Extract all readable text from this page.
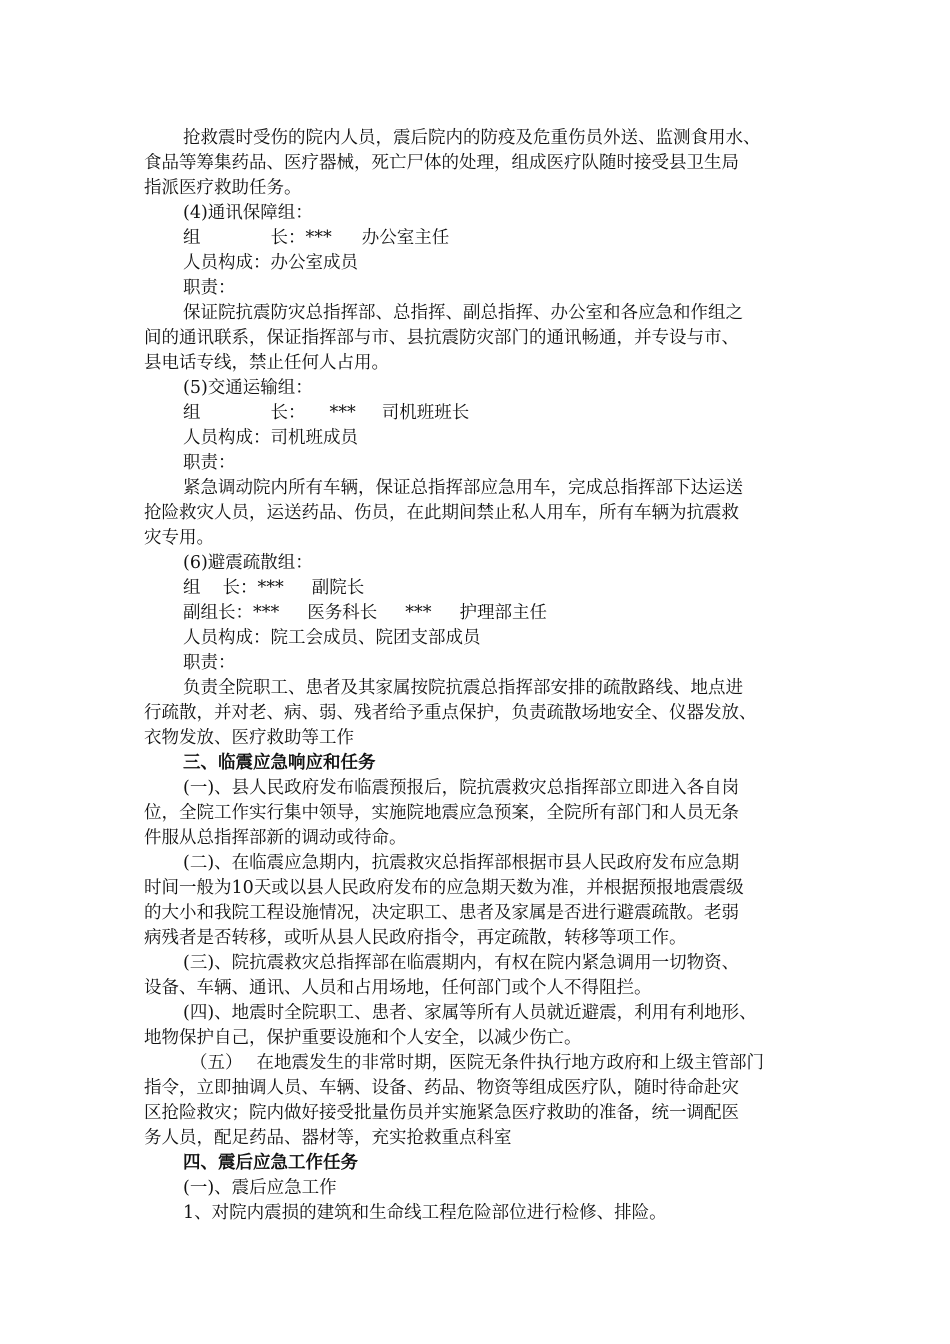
抢救震时受伤的院内人员，震后院内的防疫及危重伤员外送、监测食用水、

食品等筹集药品、医疗器械，死亡尸体的处理，组成医疗队随时接受县卫生局

指派医疗救助任务。

(4)通讯保障组：

组	长：*** 办公室主任

人员构成：办公室成员

职责：

保证院抗震防灾总指挥部、总指挥、副总指挥、办公室和各应急和作组之

间的通讯联系，保证指挥部与市、县抗震防灾部门的通讯畅通，并专设与市、

县电话专线，禁止任何人占用。

(5)交通运输组：

组	长： *** 司机班班长

人员构成：司机班成员

职责：

紧急调动院内所有车辆，保证总指挥部应急用车，完成总指挥部下达运送

抢险救灾人员，运送药品、伤员，在此期间禁止私人用车，所有车辆为抗震救

灾专用。

(6)避震疏散组：

组 长：*** 副院长

副组长：*** 医务科长 *** 护理部主任

人员构成：院工会成员、院团支部成员

职责：

负责全院职工、患者及其家属按院抗震总指挥部安排的疏散路线、地点进

行疏散，并对老、病、弱、残者给予重点保护，负责疏散场地安全、仪器发放、

衣物发放、医疗救助等工作

三、临震应急响应和任务

(一)、县人民政府发布临震预报后，院抗震救灾总指挥部立即进入各自岗

位，全院工作实行集中领导，实施院地震应急预案，全院所有部门和人员无条

件服从总指挥部新的调动或待命。

(二)、在临震应急期内，抗震救灾总指挥部根据市县人民政府发布应急期

时间一般为10天或以县人民政府发布的应急期天数为准，并根据预报地震震级

的大小和我院工程设施情况，决定职工、患者及家属是否进行避震疏散。老弱

病残者是否转移，或听从县人民政府指令，再定疏散，转移等项工作。

(三)、院抗震救灾总指挥部在临震期内，有权在院内紧急调用一切物资、

设备、车辆、通讯、人员和占用场地，任何部门或个人不得阻拦。

(四)、地震时全院职工、患者、家属等所有人员就近避震，利用有利地形、

地物保护自己，保护重要设施和个人安全，以减少伤亡。

（五） 在地震发生的非常时期，医院无条件执行地方政府和上级主管部门

指令，立即抽调人员、车辆、设备、药品、物资等组成医疗队，随时待命赴灾

区抢险救灾；院内做好接受批量伤员并实施紧急医疗救助的准备，统一调配医

务人员，配足药品、器材等，充实抢救重点科室

四、震后应急工作任务

(一)、震后应急工作

1、对院内震损的建筑和生命线工程危险部位进行检修、排险。
